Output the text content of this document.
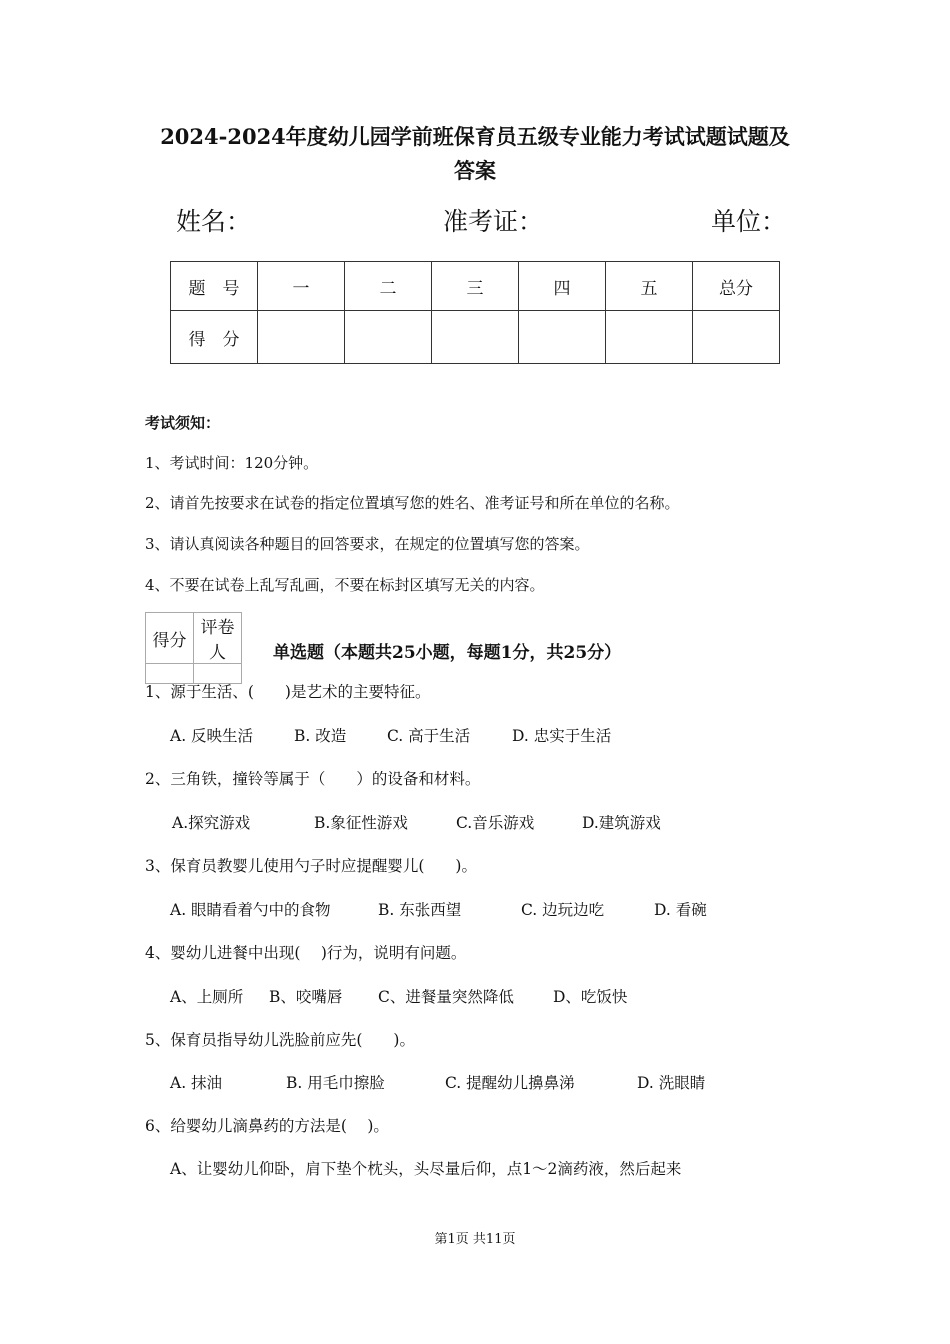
2024-2024年度幼儿园学前班保育员五级专业能力考试试题试题及
答案
姓名：	准考证：	单位：
题　号	一	二	三	四	五	总分
得　分						
考试须知：
1、考试时间：120分钟。
2、请首先按要求在试卷的指定位置填写您的姓名、准考证号和所在单位的名称。
3、请认真阅读各种题目的回答要求，在规定的位置填写您的答案。
4、不要在试卷上乱写乱画，不要在标封区填写无关的内容。
得分	评卷人
		单选题（本题共25小题，每题1分，共25分）
1、源于生活、(　　)是艺术的主要特征。
A. 反映生活	B. 改造	C. 高于生活	D. 忠实于生活
2、三角铁，撞铃等属于（　　）的设备和材料。
A.探究游戏	B.象征性游戏	C.音乐游戏	D.建筑游戏
3、保育员教婴儿使用勺子时应提醒婴儿(　　)。
A. 眼睛看着勺中的食物	B. 东张西望	C. 边玩边吃	D. 看碗
4、婴幼儿进餐中出现(　 )行为，说明有问题。
A、上厕所 B、咬嘴唇 C、进餐量突然降低	D、吃饭快
5、保育员指导幼儿洗脸前应先(　　)。
A. 抹油	B. 用毛巾擦脸	C. 提醒幼儿擤鼻涕	D. 洗眼睛
6、给婴幼儿滴鼻药的方法是(　 )。
A、让婴幼儿仰卧，肩下垫个枕头，头尽量后仰，点1～2滴药液，然后起来
第1页 共11页
